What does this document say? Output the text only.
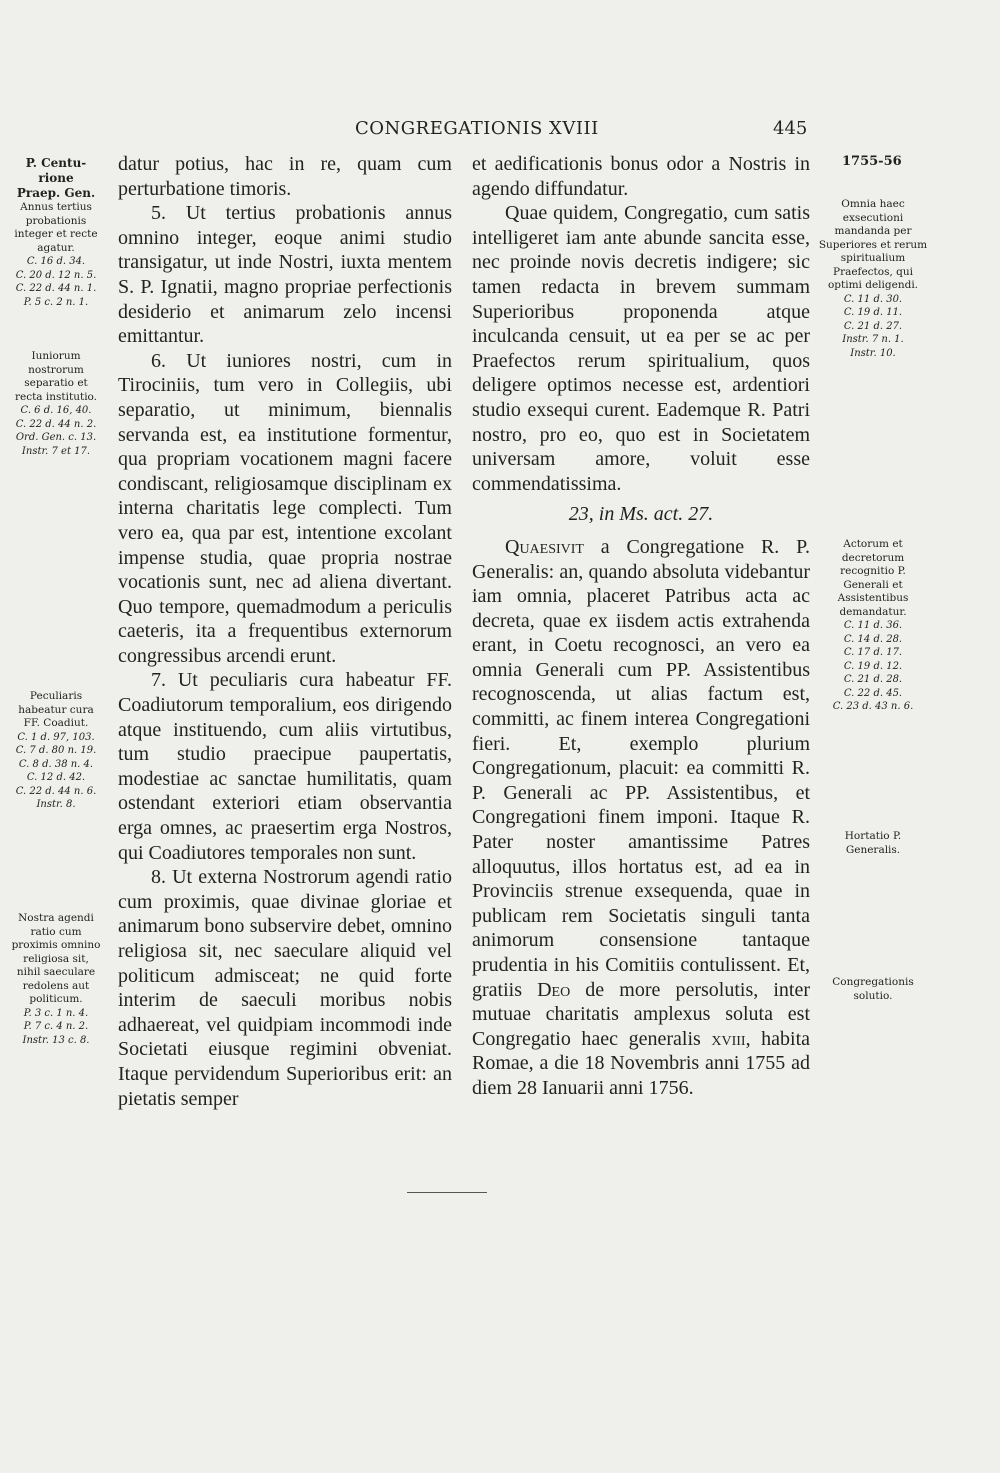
CONGREGATIONIS XVIII	445
1755-56
P. Centu-
rione
Praep. Gen.
Annus tertius probationis integer et recte agatur.
C. 16 d. 34.
C. 20 d. 12 n. 5.
C. 22 d. 44 n. 1.
P. 5 c. 2 n. 1.
Iuniorum nostrorum separatio et recta institutio.
C. 6 d. 16, 40.
C. 22 d. 44 n. 2.
Ord. Gen. c. 13.
Instr. 7 et 17.
Peculiaris habeatur cura FF. Coadiut.
C. 1 d. 97, 103.
C. 7 d. 80 n. 19.
C. 8 d. 38 n. 4.
C. 12 d. 42.
C. 22 d. 44 n. 6.
Instr. 8.
Nostra agendi ratio cum proximis omnino religiosa sit, nihil saeculare redolens aut politicum.
P. 3 c. 1 n. 4.
P. 7 c. 4 n. 2.
Instr. 13 c. 8.
Omnia haec exsecutioni mandanda per Superiores et rerum spiritualium Praefectos, qui optimi deligendi.
C. 11 d. 30.
C. 19 d. 11.
C. 21 d. 27.
Instr. 7 n. 1.
Instr. 10.
Actorum et decretorum recognitio P. Generali et Assistentibus demandatur.
C. 11 d. 36.
C. 14 d. 28.
C. 17 d. 17.
C. 19 d. 12.
C. 21 d. 28.
C. 22 d. 45.
C. 23 d. 43 n. 6.
Hortatio P. Generalis.
Congregationis solutio.

datur potius, hac in re, quam cum perturbatione timoris.

5. Ut tertius probationis annus omnino integer, eoque animi studio transigatur, ut inde Nostri, iuxta mentem S. P. Ignatii, magno propriae perfectionis desiderio et animarum zelo incensi emittantur.

6. Ut iuniores nostri, cum in Tirociniis, tum vero in Collegiis, ubi separatio, ut minimum, biennalis servanda est, ea institutione formentur, qua propriam vocationem magni facere condiscant, religiosamque disciplinam ex interna charitatis lege complecti. Tum vero ea, qua par est, intentione excolant impense studia, quae propria nostrae vocationis sunt, nec ad aliena divertant. Quo tempore, quemadmodum a periculis caeteris, ita a frequentibus externorum congressibus arcendi erunt.

7. Ut peculiaris cura habeatur FF. Coadiutorum temporalium, eos dirigendo atque instituendo, cum aliis virtutibus, tum studio praecipue paupertatis, modestiae ac sanctae humilitatis, quam ostendant exteriori etiam observantia erga omnes, ac praesertim erga Nostros, qui Coadiutores temporales non sunt.

8. Ut externa Nostrorum agendi ratio cum proximis, quae divinae gloriae et animarum bono subservire debet, omnino religiosa sit, nec saeculare aliquid vel politicum admisceat; ne quid forte interim de saeculi moribus nobis adhaereat, vel quidpiam incommodi inde Societati eiusque regimini obveniat. Itaque pervidendum Superioribus erit: an pietatis semper

et aedificationis bonus odor a Nostris in agendo diffundatur.

Quae quidem, Congregatio, cum satis intelligeret iam ante abunde sancita esse, nec proinde novis decretis indigere; sic tamen redacta in brevem summam Superioribus proponenda atque inculcanda censuit, ut ea per se ac per Praefectos rerum spiritualium, quos deligere optimos necesse est, ardentiori studio exsequi curent. Eademque R. Patri nostro, pro eo, quo est in Societatem universam amore, voluit esse commendatissima.

23, in Ms. act. 27.

Quaesivit a Congregatione R. P. Generalis: an, quando absoluta videbantur iam omnia, placeret Patribus acta ac decreta, quae ex iisdem actis extrahenda erant, in Coetu recognosci, an vero ea omnia Generali cum PP. Assistentibus recognoscenda, ut alias factum est, committi, ac finem interea Congregationi fieri. Et, exemplo plurium Congregationum, placuit: ea committi R. P. Generali ac PP. Assistentibus, et Congregationi finem imponi. Itaque R. Pater noster amantissime Patres alloquutus, illos hortatus est, ad ea in Provinciis strenue exsequenda, quae in publicam rem Societatis singuli tanta animorum consensione tantaque prudentia in his Comitiis contulissent. Et, gratiis Deo de more persolutis, inter mutuae charitatis amplexus soluta est Congregatio haec generalis xviii, habita Romae, a die 18 Novembris anni 1755 ad diem 28 Ianuarii anni 1756.
